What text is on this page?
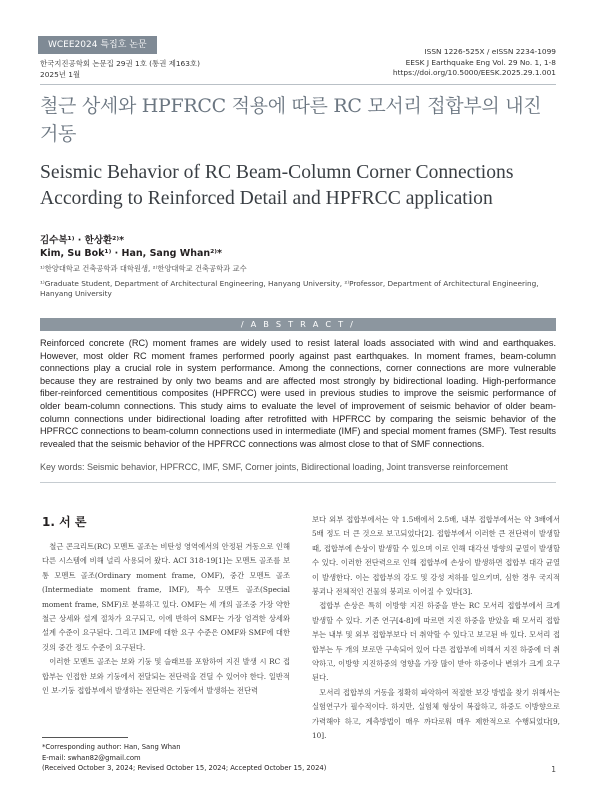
WCEE2024 특집호 논문
한국지진공학회 논문집 29권 1호 (통권 제163호)
2025년 1월
ISSN 1226-525X / eISSN 2234-1099
EESK J Earthquake Eng Vol. 29 No. 1, 1-8
https://doi.org/10.5000/EESK.2025.29.1.001
철근 상세와 HPFRCC 적용에 따른 RC 모서리 접합부의 내진 거동
Seismic Behavior of RC Beam-Column Corner Connections According to Reinforced Detail and HPFRCC application
김수복¹⁾ · 한상환²⁾*
Kim, Su Bok¹⁾ · Han, Sang Whan²⁾*
¹⁾한양대학교 건축공학과 대학원생, ²⁾한양대학교 건축공학과 교수
¹⁾Graduate Student, Department of Architectural Engineering, Hanyang University, ²⁾Professor, Department of Architectural Engineering, Hanyang University
/ A B S T R A C T /
Reinforced concrete (RC) moment frames are widely used to resist lateral loads associated with wind and earthquakes. However, most older RC moment frames performed poorly against past earthquakes. In moment frames, beam-column connections play a crucial role in system performance. Among the connections, corner connections are more vulnerable because they are restrained by only two beams and are affected most strongly by bidirectional loading. High-performance fiber-reinforced cementitious composites (HPFRCC) were used in previous studies to improve the seismic performance of older beam-column connections. This study aims to evaluate the level of improvement of seismic behavior of older beam-column connections under bidirectional loading after retrofitted with HPFRCC by comparing the seismic behavior of the HPFRCC connections to beam-column connections used in intermediate (IMF) and special moment frames (SMF). Test results revealed that the seismic behavior of the HPFRCC connections was almost close to that of SMF connections.
Key words: Seismic behavior, HPFRCC, IMF, SMF, Corner joints, Bidirectional loading, Joint transverse reinforcement
1. 서 론

철근 콘크리트(RC) 모멘트 골조는 비탄성 영역에서의 안정된 거동으로 인해 다른 시스템에 비해 널리 사용되어 왔다. ACI 318-19[1]는 모멘트 골조를 보통 모멘트 골조(Ordinary moment frame, OMF), 중간 모멘트 골조(Intermediate moment frame, IMF), 특수 모멘트 골조(Special moment frame, SMF)로 분류하고 있다. OMF는 세 개의 골조중 가장 약한 철근 상세와 설계 절차가 요구되고, 이에 반하여 SMF는 가장 엄격한 상세와 설계 수준이 요구된다. 그리고 IMF에 대한 요구 수준은 OMF와 SMF에 대한 것의 중간 정도 수준이 요구된다.

이러한 모멘트 골조는 보와 기둥 및 슬래브를 포함하여 지진 발생 시 RC 접합부는 인접한 보와 기둥에서 전달되는 전단력을 견딜 수 있어야 한다. 일반적인 보-기둥 접합부에서 발생하는 전단력은 기둥에서 발생하는 전단력

보다 외부 접합부에서는 약 1.5배에서 2.5배, 내부 접합부에서는 약 3배에서 5배 정도 더 큰 것으로 보고되었다[2]. 접합부에서 이러한 큰 전단력이 발생할 때, 접합부에 손상이 발생할 수 있으며 이로 인해 대각선 방향의 균열이 발생할 수 있다. 이러한 전단력으로 인해 접합부에 손상이 발생하면 접합부 대각 균열이 발생한다. 이는 접합부의 강도 및 강성 저하를 일으키며, 심한 경우 국지적 붕괴나 전체적인 건물의 붕괴로 이어질 수 있다[3].

접합부 손상은 특히 이방향 지진 하중을 받는 RC 모서리 접합부에서 크게 발생할 수 있다. 기존 연구[4-8]에 따르면 지진 하중을 받았을 때 모서리 접합부는 내부 및 외부 접합부보다 더 취약할 수 있다고 보고된 바 있다. 모서리 접합부는 두 개의 보로만 구속되어 있어 다른 접합부에 비해서 지진 하중에 더 취약하고, 이방향 지진하중의 영향을 가장 많이 받아 하중이나 변위가 크게 요구된다.

모서리 접합부의 거동을 정확히 파악하여 적절한 보강 방법을 찾기 위해서는 실험연구가 필수적이다. 하지만, 실험체 형상이 복잡하고, 하중도 이방향으로 가력해야 하고, 계측방법이 매우 까다로워 매우 제한적으로 수행되었다[9, 10].

*Corresponding author: Han, Sang Whan
E-mail: swhan82@gmail.com
(Received October 3, 2024; Revised October 15, 2024; Accepted October 15, 2024)	1
